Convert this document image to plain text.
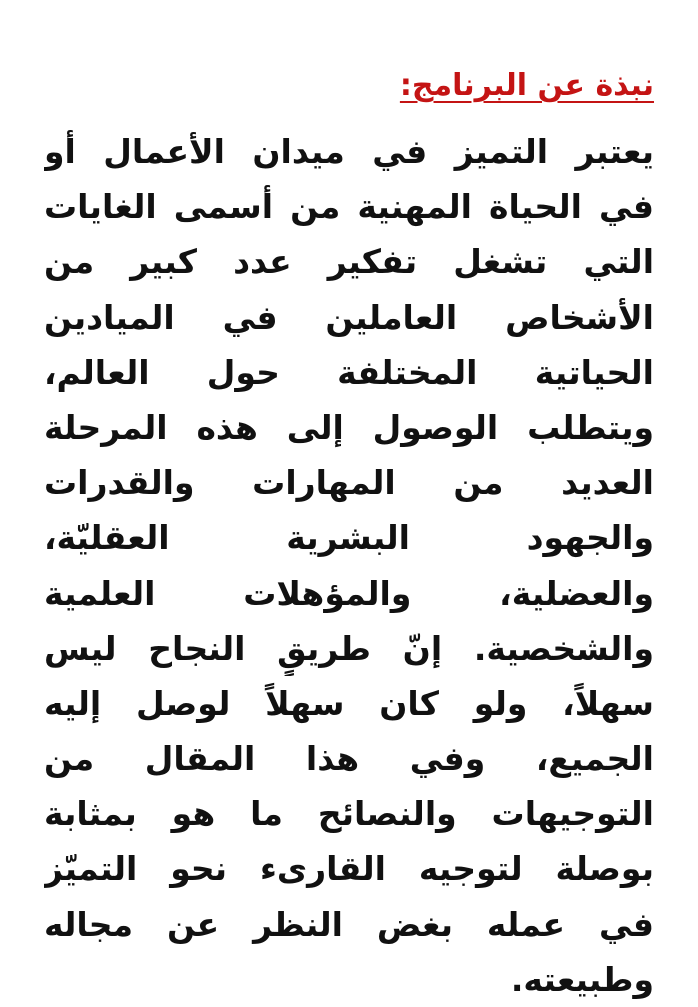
نبذة عن البرنامج:
يعتبر التميز في ميدان الأعمال أو
في الحياة المهنية من أسمى الغايات
التي تشغل تفكير عدد كبير من
الأشخاص العاملين في الميادين
الحياتية المختلفة حول العالم،
ويتطلب الوصول إلى هذه المرحلة
العديد من المهارات والقدرات
والجهود البشرية العقليّة،
والعضلية، والمؤهلات العلمية
والشخصية. إنّ طريقٍ النجاح ليس
سهلاً، ولو كان سهلاً لوصل إليه
الجميع، وفي هذا المقال من
التوجيهات والنصائح ما هو بمثابة
بوصلة لتوجيه القارىء نحو التميّز
في عمله بغض النظر عن مجاله
وطبيعته.
